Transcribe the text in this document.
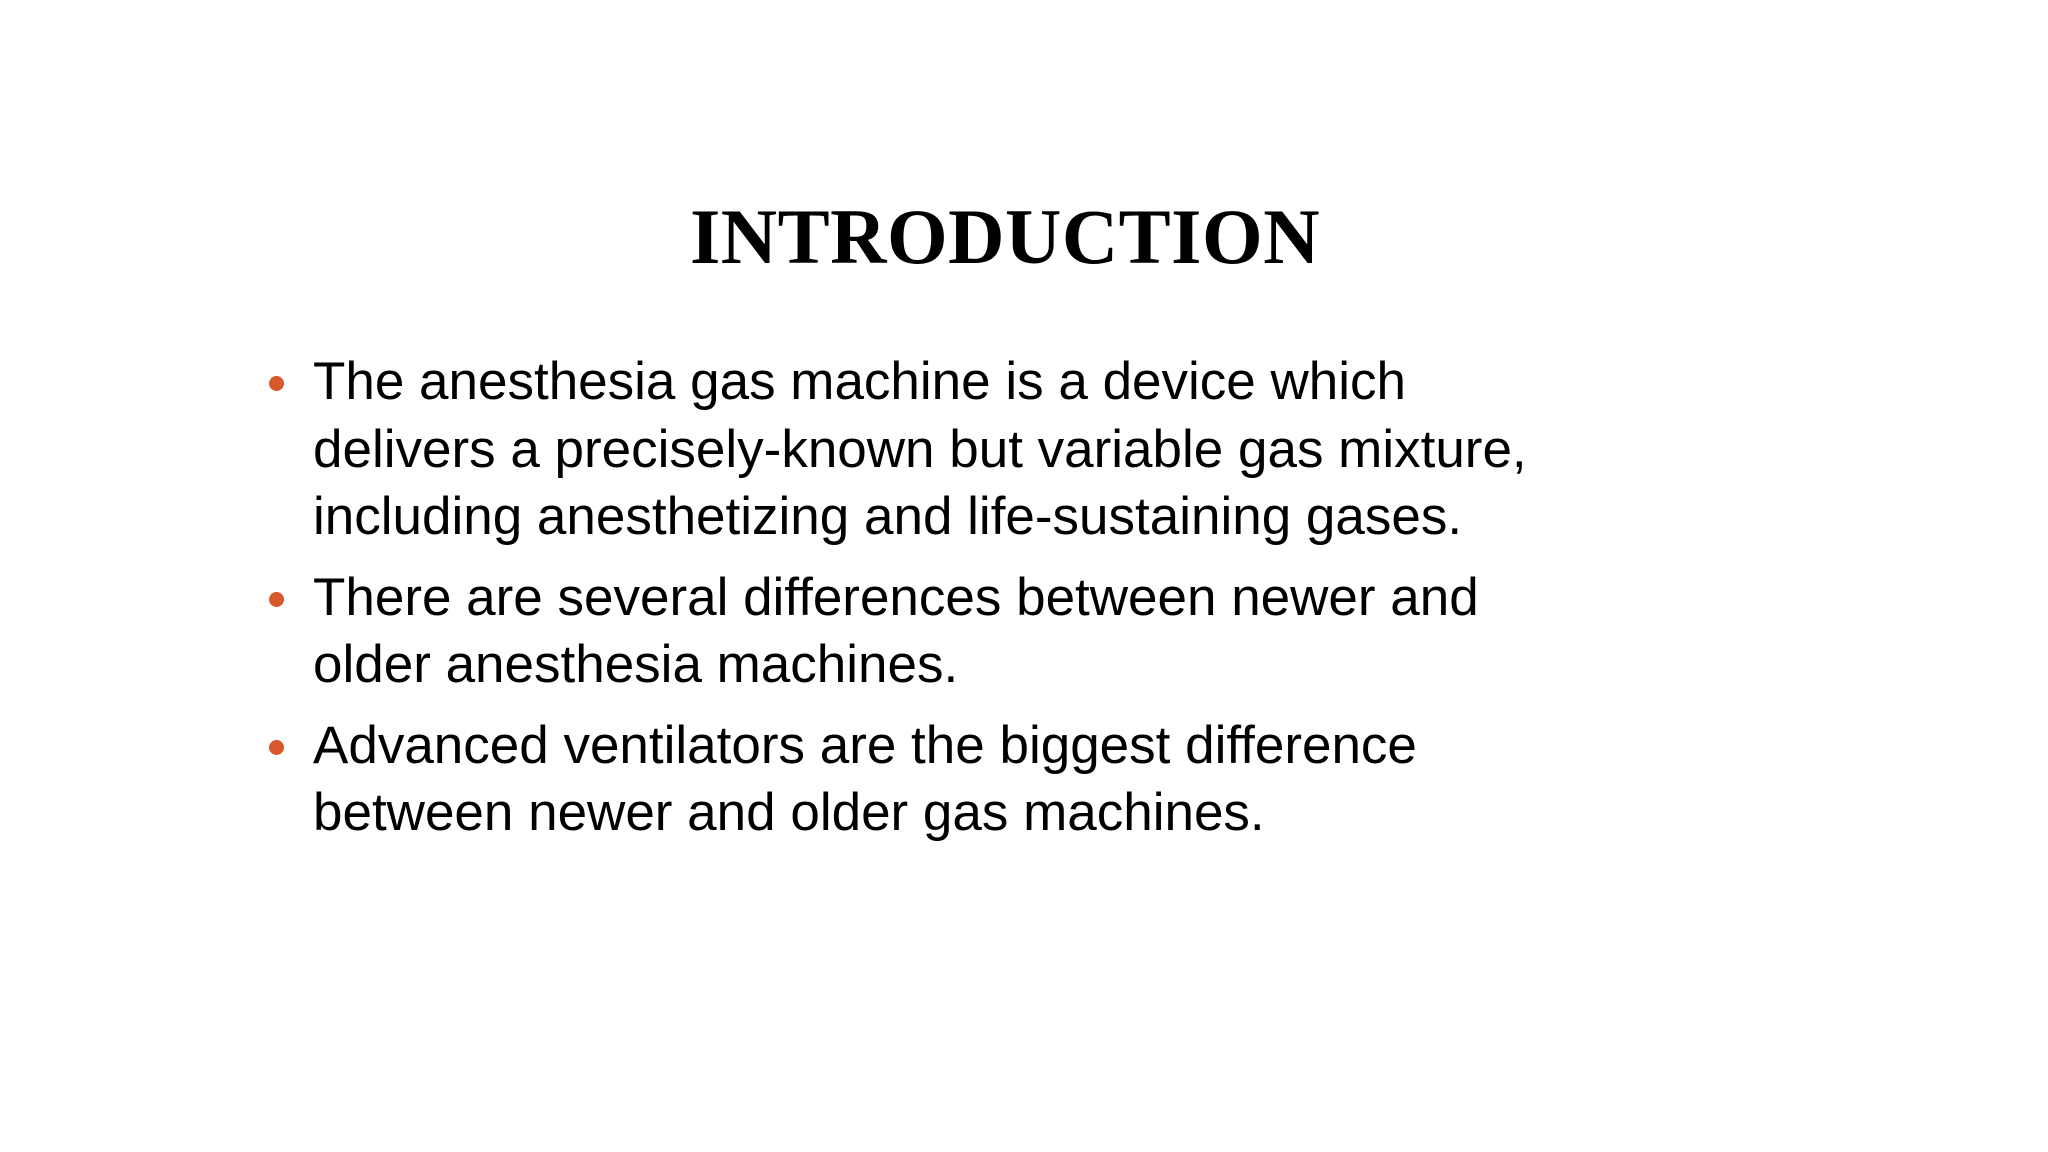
INTRODUCTION
The anesthesia gas machine is a device which delivers a precisely-known but variable gas mixture, including anesthetizing and life-sustaining gases.
There are several differences between newer and older anesthesia machines.
Advanced ventilators are the biggest difference between newer and older gas machines.
